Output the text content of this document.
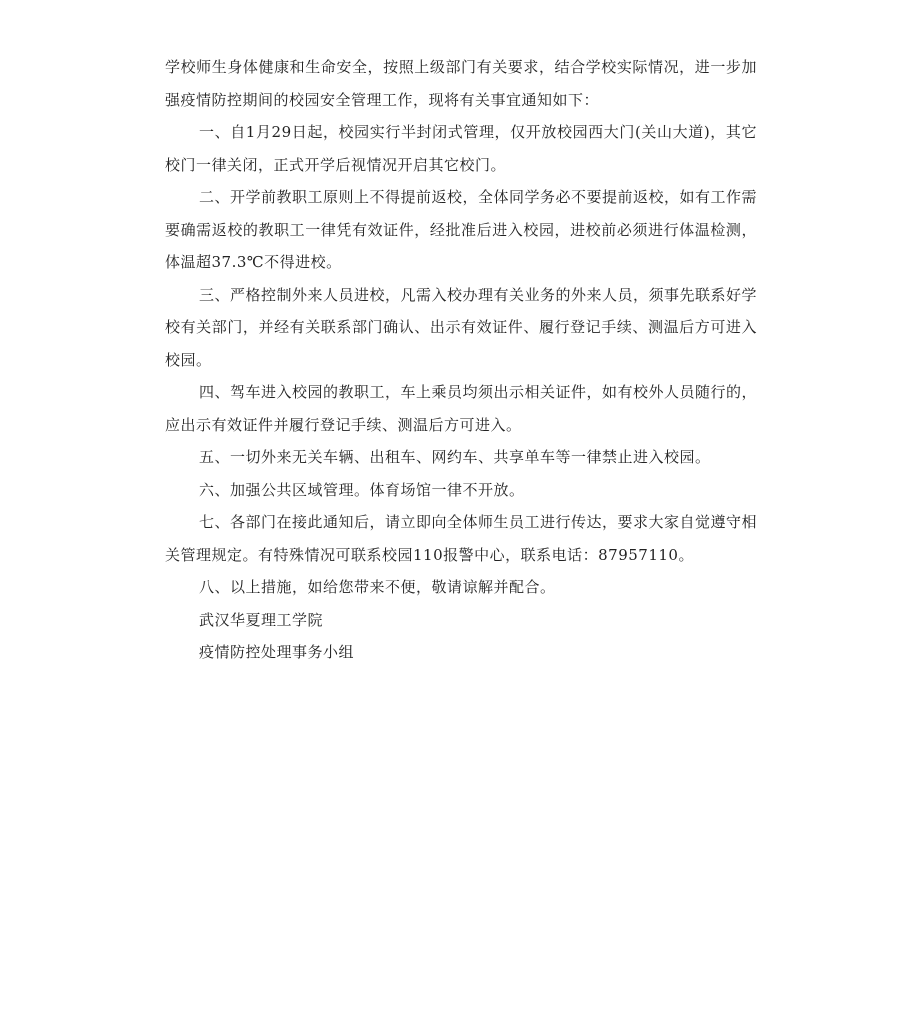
学校师生身体健康和生命安全，按照上级部门有关要求，结合学校实际情况，进一步加强疫情防控期间的校园安全管理工作，现将有关事宜通知如下：

一、自1月29日起，校园实行半封闭式管理，仅开放校园西大门(关山大道)，其它校门一律关闭，正式开学后视情况开启其它校门。

二、开学前教职工原则上不得提前返校，全体同学务必不要提前返校，如有工作需要确需返校的教职工一律凭有效证件，经批准后进入校园，进校前必须进行体温检测，体温超37.3℃不得进校。

三、严格控制外来人员进校，凡需入校办理有关业务的外来人员，须事先联系好学校有关部门，并经有关联系部门确认、出示有效证件、履行登记手续、测温后方可进入校园。

四、驾车进入校园的教职工，车上乘员均须出示相关证件，如有校外人员随行的，应出示有效证件并履行登记手续、测温后方可进入。

五、一切外来无关车辆、出租车、网约车、共享单车等一律禁止进入校园。

六、加强公共区域管理。体育场馆一律不开放。

七、各部门在接此通知后，请立即向全体师生员工进行传达，要求大家自觉遵守相关管理规定。有特殊情况可联系校园110报警中心，联系电话：87957110。

八、以上措施，如给您带来不便，敬请谅解并配合。

武汉华夏理工学院

疫情防控处理事务小组
